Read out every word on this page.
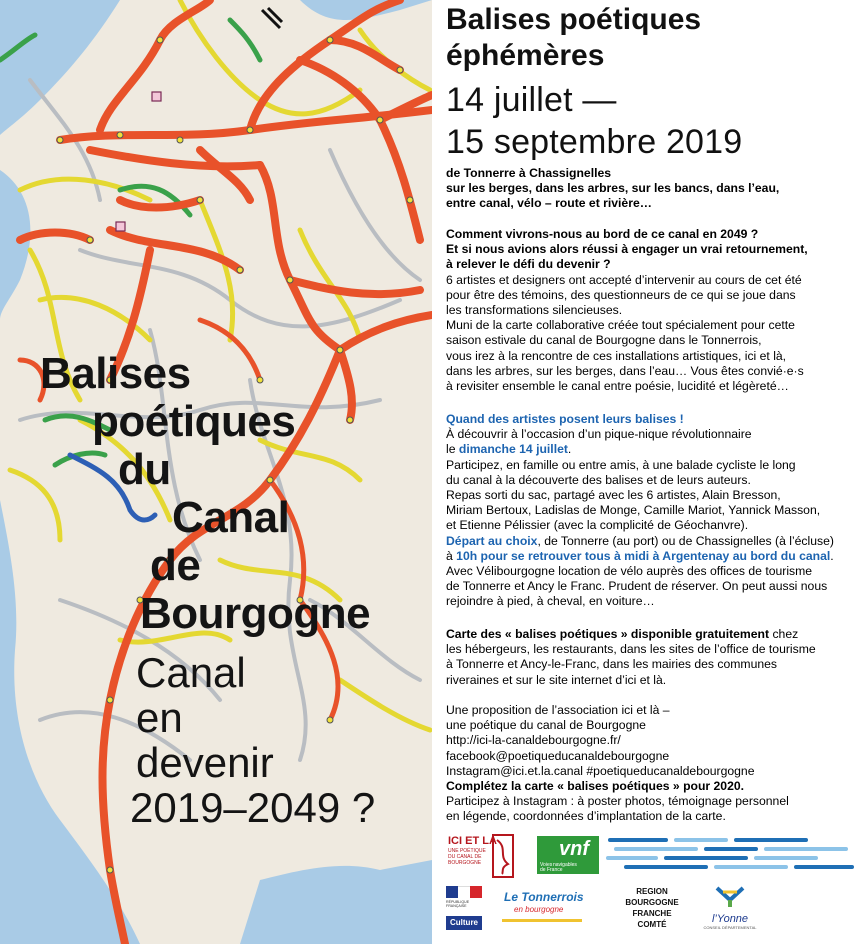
Balises
poétiques
du
Canal
de
Bourgogne
Canal
en
devenir
2019–2049 ?
Balises poétiques
éphémères
14 juillet —
15 septembre 2019
de Tonnerre à Chassignelles
sur les berges, dans les arbres, sur les bancs, dans l’eau,
entre canal, vélo – route et rivière…
Comment vivrons-nous au bord de ce canal en 2049 ?
Et si nous avions alors réussi à engager un vrai retournement,
à relever le défi du devenir ?
6 artistes et designers ont accepté d’intervenir au cours de cet été
pour être des témoins, des questionneurs de ce qui se joue dans
les transformations silencieuses.
Muni de la carte collaborative créée tout spécialement pour cette
saison estivale du canal de Bourgogne dans le Tonnerrois,
vous irez à la rencontre de ces installations artistiques, ici et là,
dans les arbres, sur les berges, dans l’eau… Vous êtes convié·e·s
à revisiter ensemble le canal entre poésie, lucidité et légèreté…
Quand des artistes posent leurs balises !
À découvrir à l’occasion d’un pique-nique révolutionnaire
le dimanche 14 juillet.
Participez, en famille ou entre amis, à une balade cycliste le long
du canal à la découverte des balises et de leurs auteurs.
Repas sorti du sac, partagé avec les 6 artistes, Alain Bresson,
Miriam Bertoux, Ladislas de Monge, Camille Mariot, Yannick Masson,
et Etienne Pélissier (avec la complicité de Géochanvre).
Départ au choix, de Tonnerre (au port) ou de Chassignelles (à l’écluse)
à 10h pour se retrouver tous à midi à Argentenay au bord du canal.
Avec Vélibourgogne location de vélo auprès des offices de tourisme
de Tonnerre et Ancy le Franc. Prudent de réserver. On peut aussi nous
rejoindre à pied, à cheval, en voiture…
Carte des « balises poétiques » disponible gratuitement chez
les hébergeurs, les restaurants, dans les sites de l’office de tourisme
à Tonnerre et Ancy-le-Franc, dans les mairies des communes
riveraines et sur le site internet d’ici et là.
Une proposition de l’association ici et là –
une poétique du canal de Bourgogne
http://ici-la-canaldebourgogne.fr/
facebook@poetiqueducanaldebourgogne
Instagram@ici.et.la.canal #poetiqueducanaldebourgogne
Complétez la carte « balises poétiques » pour 2020.
Participez à Instagram : à poster photos, témoignage personnel
en légende, coordonnées d’implantation de la carte.
ICI ET LA
UNE POÉTIQUE
DU CANAL DE
BOURGOGNE
vnf
Voies navigables
de France
RÉPUBLIQUE FRANÇAISE
Culture
Le Tonnerrois
en bourgogne
REGION
BOURGOGNE
FRANCHE
COMTÉ	l’Yonne
CONSEIL DÉPARTEMENTAL
